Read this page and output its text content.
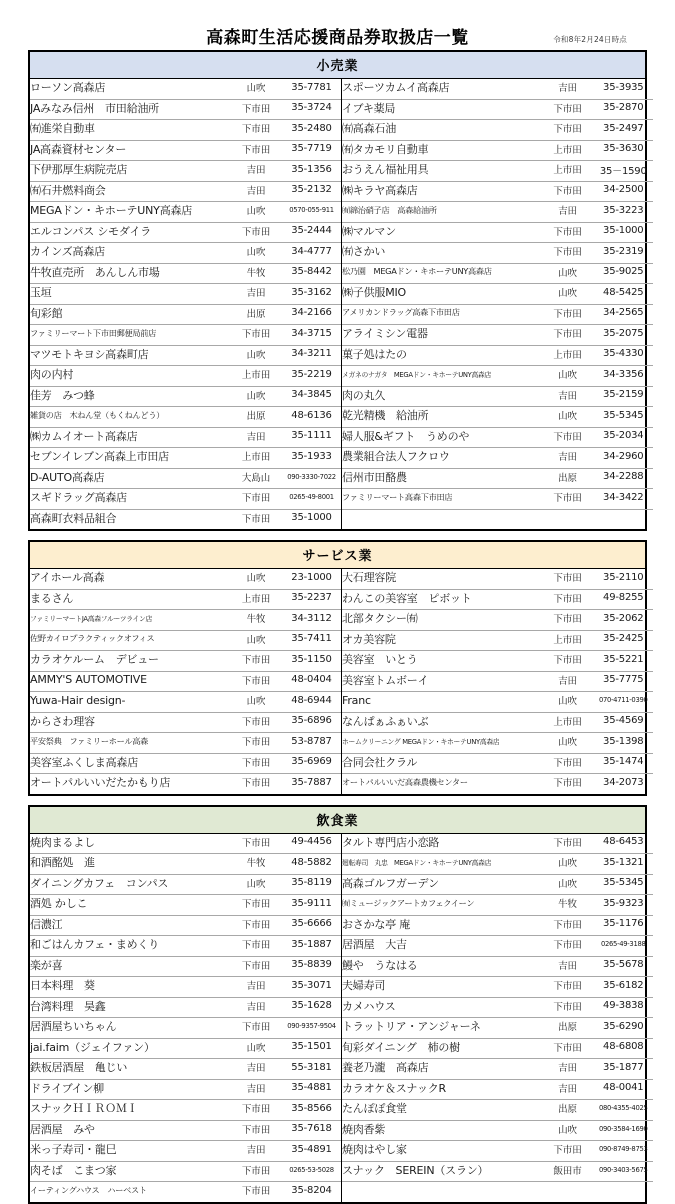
高森町生活応援商品券取扱店一覧	令和8年2月24日時点
小売業
ローソン高森店	山吹	35-7781	スポーツカムイ高森店	吉田	35-3935
JAみなみ信州　市田給油所	下市田	35-3724	イブキ薬局	下市田	35-2870
㈲進栄自動車	下市田	35-2480	㈲高森石油	下市田	35-2497
JA高森資材センター	下市田	35-7719	㈲タカモリ自動車	上市田	35-3630
下伊那厚生病院売店	吉田	35-1356	おうえん福祉用具	上市田	35－1590
㈲石井燃料商会	吉田	35-2132	㈱キラヤ高森店	下市田	34-2500
MEGAドン・キホーテUNY高森店	山吹	0570-055-911	㈲綿治硝子店　高森給油所	吉田	35-3223
エルコンパス シモダイラ	下市田	35-2444	㈱マルマン	下市田	35-1000
カインズ高森店	山吹	34-4777	㈲さかい	下市田	35-2319
牛牧直売所　あんしん市場	牛牧	35-8442	松乃園　MEGAドン・キホーテUNY高森店	山吹	35-9025
玉垣	吉田	35-3162	㈱子供服MIO	山吹	48-5425
旬彩館	出原	34-2166	アメリカンドラッグ高森下市田店	下市田	34-2565
ファミリーマート下市田郵便局前店	下市田	34-3715	アライミシン電器	下市田	35-2075
マツモトキヨシ高森町店	山吹	34-3211	菓子処はたの	上市田	35-4330
肉の内村	上市田	35-2219	メガネのナガタ　MEGAドン・キホーテUNY高森店	山吹	34-3356
佳芳　みつ蜂	山吹	34-3845	肉の丸久	吉田	35-2159
雑貨の店　木ねん堂（もくねんどう）	出原	48-6136	乾光精機　給油所	山吹	35-5345
㈱カムイオート高森店	吉田	35-1111	婦人服&ギフト　うめのや	下市田	35-2034
セブンイレブン高森上市田店	上市田	35-1933	農業組合法人フクロウ	吉田	34-2960
D-AUTO高森店	大島山	090-3330-7022	信州市田酪農	出原	34-2288
スギドラッグ高森店	下市田	0265-49-8001	ファミリーマート高森下市田店	下市田	34-3422
高森町衣料品組合	下市田	35-1000			
サービス業
アイホール高森	山吹	23-1000	大石理容院	下市田	35-2110
まるさん	上市田	35-2237	わんこの美容室　ピボット	下市田	49-8255
ファミリーマートJA高森フルーツライン店	牛牧	34-3112	北部タクシー㈲	下市田	35-2062
佐野カイロプラクティックオフィス	山吹	35-7411	オカ美容院	上市田	35-2425
カラオケルーム　デビュー	下市田	35-1150	美容室　いとう	下市田	35-5221
AMMY'S AUTOMOTIVE	下市田	48-0404	美容室トムボーイ	吉田	35-7775
Yuwa-Hair design-	山吹	48-6944	Franc	山吹	070-4711-0390
からさわ理容	下市田	35-6896	なんぱぁふぁいぶ	上市田	35-4569
平安祭典　ファミリーホール高森	下市田	53-8787	ホームクリーニング MEGAドン・キホーテUNY高森店	山吹	35-1398
美容室ふくしま高森店	下市田	35-6969	合同会社クラル	下市田	35-1474
オートパルいいだたかもり店	下市田	35-7887	オートパルいいだ高森農機センター	下市田	34-2073
飲食業
焼肉まるよし	下市田	49-4456	タルト専門店小恋路	下市田	48-6453
和酒酩処　進	牛牧	48-5882	廻転寿司　丸忠　MEGAドン・キホーテUNY高森店	山吹	35-1321
ダイニングカフェ　コンパス	山吹	35-8119	高森ゴルフガーデン	山吹	35-5345
酒処 かしこ	下市田	35-9111	㈲ミュージックアートカフェクイーン	牛牧	35-9323
信濃江	下市田	35-6666	おさかな亭 庵	下市田	35-1176
和ごはんカフェ・まめくり	下市田	35-1887	居酒屋　大吉	下市田	0265-49-3188
楽が喜	下市田	35-8839	鰻や　うなはる	吉田	35-5678
日本料理　葵	吉田	35-3071	夫婦寿司	下市田	35-6182
台湾料理　昊鑫	吉田	35-1628	カメハウス	下市田	49-3838
居酒屋ちいちゃん	下市田	090-9357-9504	トラットリア・アンジャーネ	出原	35-6290
jai.faim（ジェイファン）	山吹	35-1501	旬彩ダイニング　柿の樹	下市田	48-6808
鉄板居酒屋　亀じい	吉田	55-3181	養老乃瀧　高森店	吉田	35-1877
ドライブイン柳	吉田	35-4881	カラオケ＆スナックR	吉田	48-0041
スナックＨＩＲＯＭＩ	下市田	35-8566	たんぽぽ食堂	出原	080-4355-4025
居酒屋　みや	下市田	35-7618	焼肉香紫	山吹	090-3584-1690
米っ子寿司・龍巳	吉田	35-4891	焼肉はやし家	下市田	090-8749-8753
肉そば　こまつ家	下市田	0265-53-5028	スナック　SEREIN（スラン）	飯田市	090-3403-5675
イーティングハウス　ハーベスト	下市田	35-8204			
